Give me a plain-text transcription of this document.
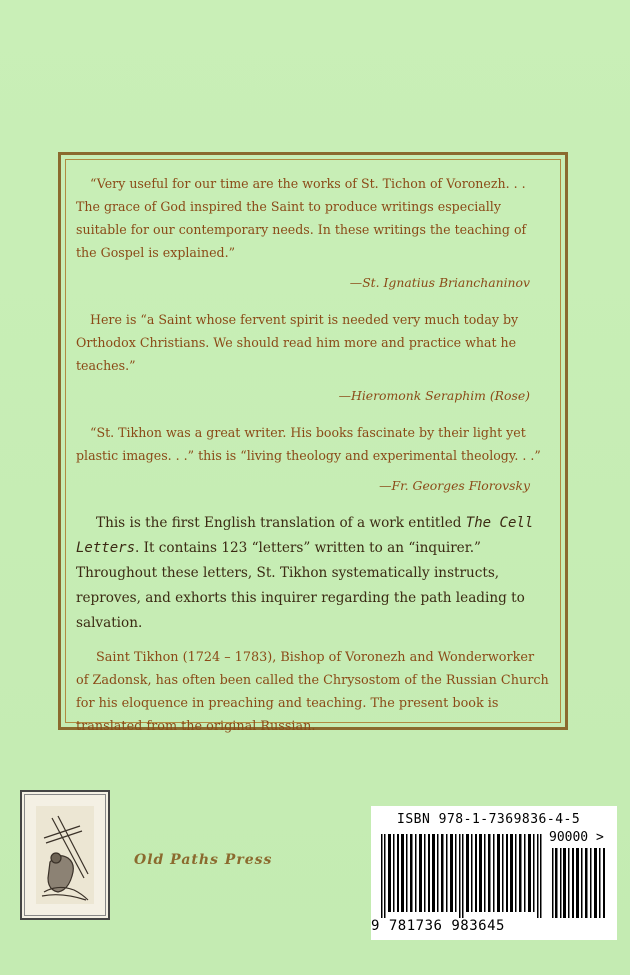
“Very useful for our time are the works of St. Tichon of Voronezh. . . The grace of God inspired the Saint to produce writings especially suitable for our contemporary needs. In these writings the teaching of the Gospel is explained.”

—St. Ignatius Brianchaninov

Here is “a Saint whose fervent spirit is needed very much today by Orthodox Christians. We should read him more and practice what he teaches.”

—Hieromonk Seraphim (Rose)

“St. Tikhon was a great writer. His books fascinate by their light yet plastic images. . .” this is “living theology and experimental theology. . .”

—Fr. Georges Florovsky

This is the first English translation of a work entitled The Cell Letters. It contains 123 “letters” written to an “inquirer.” Throughout these letters, St. Tikhon systematically instructs, reproves, and exhorts this inquirer regarding the path leading to salvation.

Saint Tikhon (1724 – 1783), Bishop of Voronezh and Wonderworker of Zadonsk, has often been called the Chrysostom of the Russian Church for his eloquence in preaching and teaching. The present book is translated from the original Russian.

Old Paths Press
ISBN 978-1-7369836-4-5
90000 >
9 781736 983645
